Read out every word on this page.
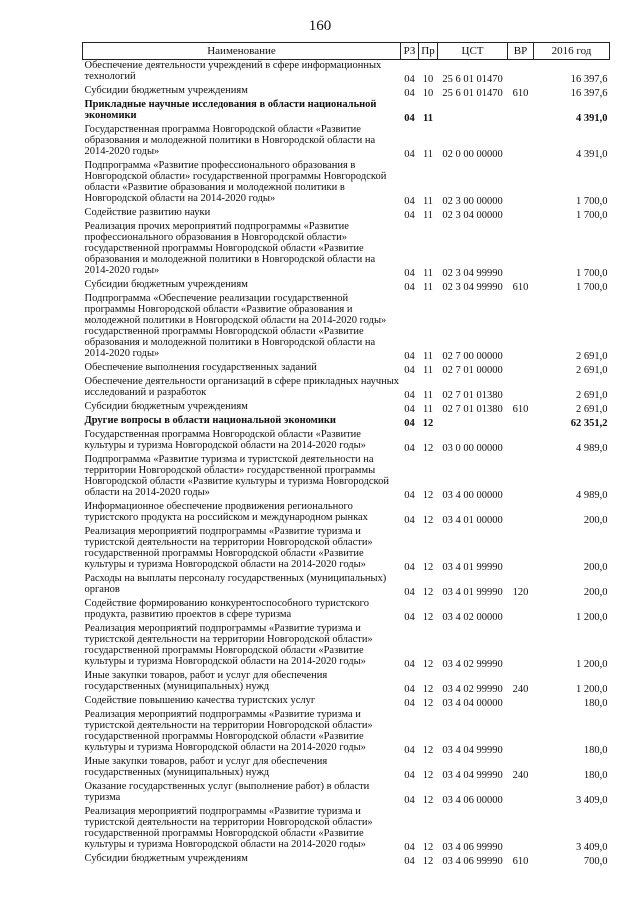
160
Наименование	РЗ	Пр	ЦСТ	ВР	2016 год
Обеспечение деятельности учреждений в сфере информационных технологий	04	10	25 6 01 01470		16 397,6
Субсидии бюджетным учреждениям	04	10	25 6 01 01470	610	16 397,6
Прикладные научные исследования в области национальной экономики	04	11			4 391,0
Государственная программа Новгородской области «Развитие образования и молодежной политики в Новгородской области на 2014-2020 годы»	04	11	02 0 00 00000		4 391,0
Подпрограмма «Развитие профессионального образования в Новгородской области» государственной программы Новгородской области «Развитие образования и молодежной политики в Новгородской области на 2014-2020 годы»	04	11	02 3 00 00000		1 700,0
Содействие развитию науки	04	11	02 3 04 00000		1 700,0
Реализация прочих мероприятий подпрограммы «Развитие профессионального образования в Новгородской области» государственной программы Новгородской области «Развитие образования и молодежной политики в Новгородской области на 2014-2020 годы»	04	11	02 3 04 99990		1 700,0
Субсидии бюджетным учреждениям	04	11	02 3 04 99990	610	1 700,0
Подпрограмма «Обеспечение реализации государственной программы Новгородской области «Развитие образования и молодежной политики в Новгородской области на 2014-2020 годы» государственной программы Новгородской области «Развитие образования и молодежной политики в Новгородской области на 2014-2020 годы»	04	11	02 7 00 00000		2 691,0
Обеспечение выполнения государственных заданий	04	11	02 7 01 00000		2 691,0
Обеспечение деятельности организаций в сфере прикладных научных исследований и разработок	04	11	02 7 01 01380		2 691,0
Субсидии бюджетным учреждениям	04	11	02 7 01 01380	610	2 691,0
Другие вопросы в области национальной экономики	04	12			62 351,2
Государственная программа Новгородской области «Развитие культуры и туризма Новгородской области на 2014-2020 годы»	04	12	03 0 00 00000		4 989,0
Подпрограмма «Развитие туризма и туристской деятельности на территории Новгородской области» государственной программы Новгородской области «Развитие культуры и туризма Новгородской области на 2014-2020 годы»	04	12	03 4 00 00000		4 989,0
Информационное обеспечение продвижения регионального туристского продукта на российском и международном рынках	04	12	03 4 01 00000		200,0
Реализация мероприятий подпрограммы «Развитие туризма и туристской деятельности на территории Новгородской области» государственной программы Новгородской области «Развитие культуры и туризма Новгородской области на 2014-2020 годы»	04	12	03 4 01 99990		200,0
Расходы на выплаты персоналу государственных (муниципальных) органов	04	12	03 4 01 99990	120	200,0
Содействие формированию конкурентоспособного туристского продукта, развитию проектов в сфере туризма	04	12	03 4 02 00000		1 200,0
Реализация мероприятий подпрограммы «Развитие туризма и туристской деятельности на территории Новгородской области» государственной программы Новгородской области «Развитие культуры и туризма Новгородской области на 2014-2020 годы»	04	12	03 4 02 99990		1 200,0
Иные закупки товаров, работ и услуг для обеспечения государственных (муниципальных) нужд	04	12	03 4 02 99990	240	1 200,0
Содействие повышению качества туристских услуг	04	12	03 4 04 00000		180,0
Реализация мероприятий подпрограммы «Развитие туризма и туристской деятельности на территории Новгородской области» государственной программы Новгородской области «Развитие культуры и туризма Новгородской области на 2014-2020 годы»	04	12	03 4 04 99990		180,0
Иные закупки товаров, работ и услуг для обеспечения государственных (муниципальных) нужд	04	12	03 4 04 99990	240	180,0
Оказание государственных услуг (выполнение работ) в области туризма	04	12	03 4 06 00000		3 409,0
Реализация мероприятий подпрограммы «Развитие туризма и туристской деятельности на территории Новгородской области» государственной программы Новгородской области «Развитие культуры и туризма Новгородской области на 2014-2020 годы»	04	12	03 4 06 99990		3 409,0
Субсидии бюджетным учреждениям	04	12	03 4 06 99990	610	700,0
